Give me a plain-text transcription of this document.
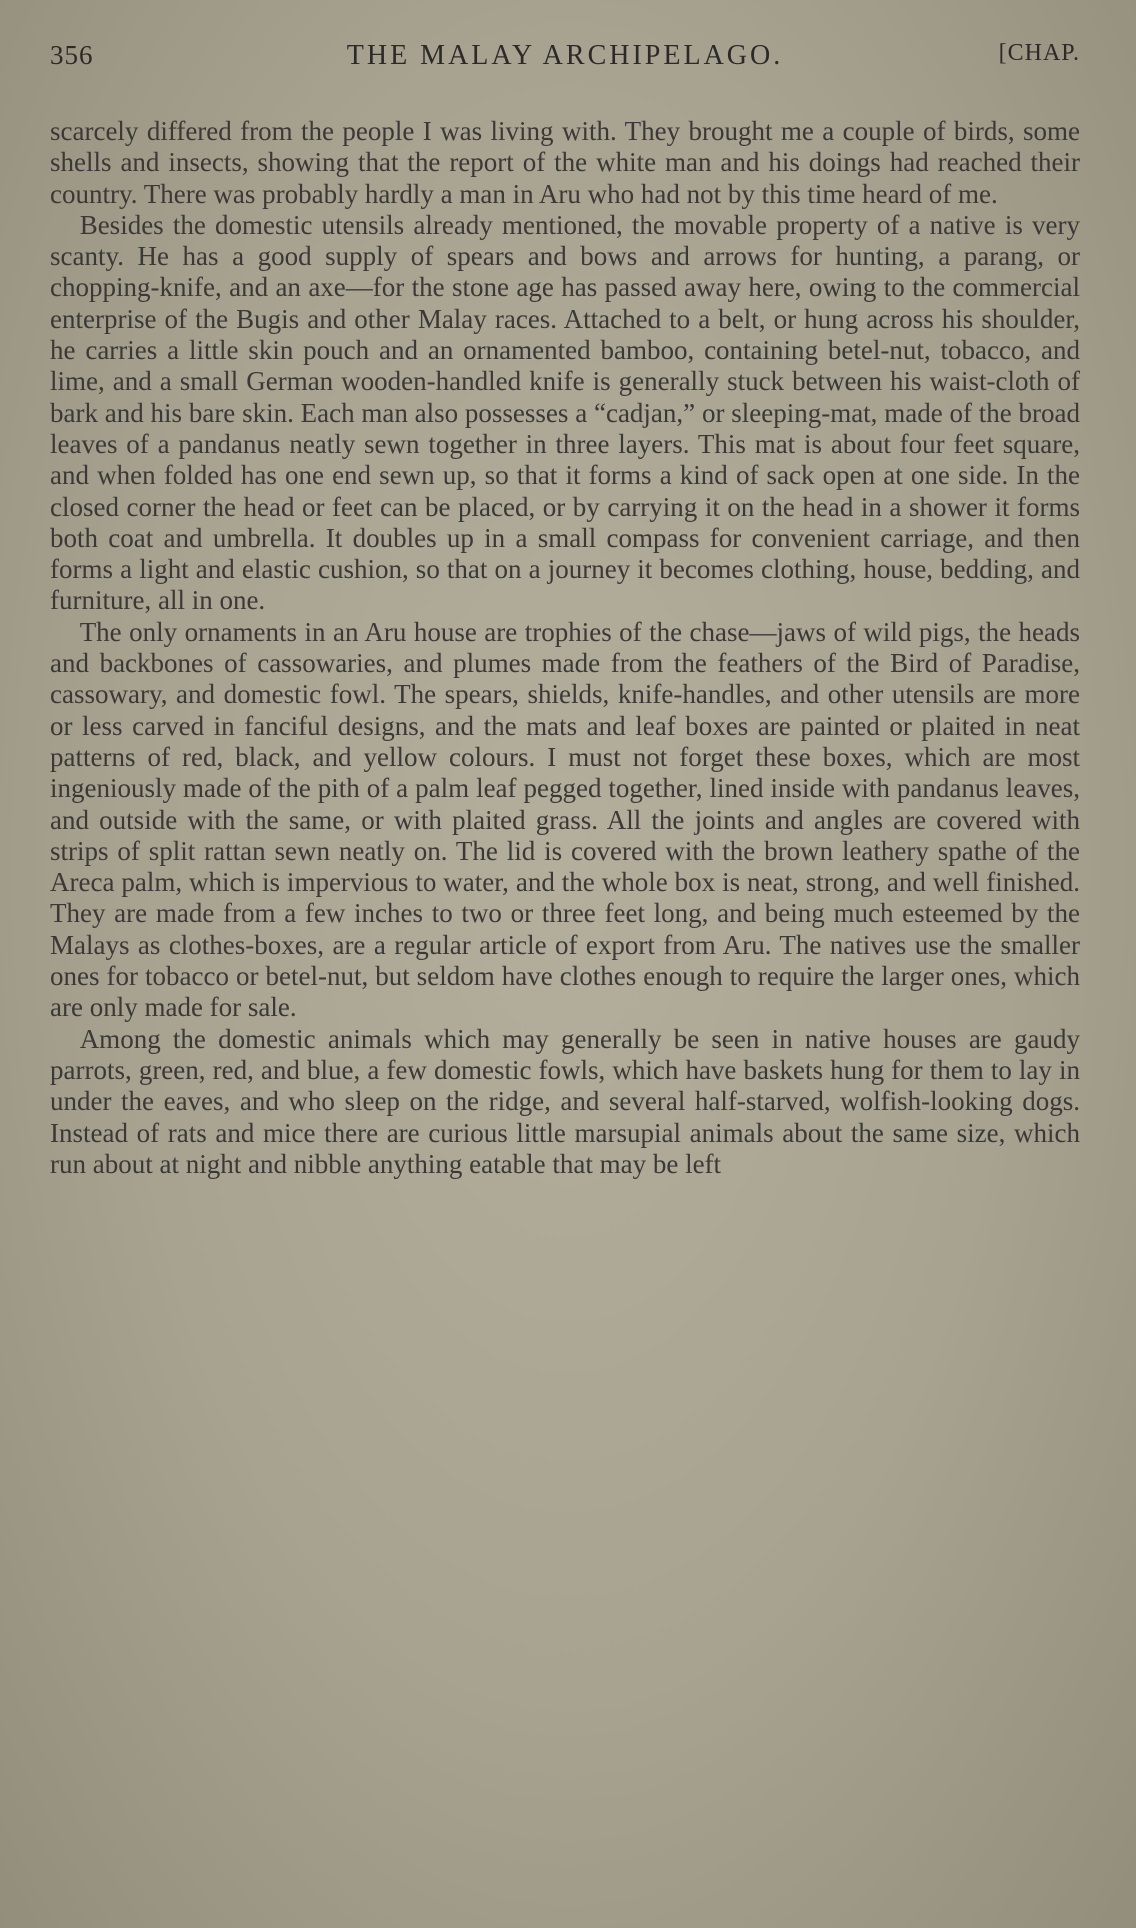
356	THE MALAY ARCHIPELAGO.	[CHAP.

scarcely differed from the people I was living with. They brought me a couple of birds, some shells and insects, showing that the report of the white man and his doings had reached their country. There was probably hardly a man in Aru who had not by this time heard of me.

Besides the domestic utensils already mentioned, the movable property of a native is very scanty. He has a good supply of spears and bows and arrows for hunting, a parang, or chopping-knife, and an axe—for the stone age has passed away here, owing to the commercial enterprise of the Bugis and other Malay races. Attached to a belt, or hung across his shoulder, he carries a little skin pouch and an ornamented bamboo, containing betel-nut, tobacco, and lime, and a small German wooden-handled knife is generally stuck between his waist-cloth of bark and his bare skin. Each man also possesses a “cadjan,” or sleeping-mat, made of the broad leaves of a pandanus neatly sewn together in three layers. This mat is about four feet square, and when folded has one end sewn up, so that it forms a kind of sack open at one side. In the closed corner the head or feet can be placed, or by carrying it on the head in a shower it forms both coat and umbrella. It doubles up in a small compass for convenient carriage, and then forms a light and elastic cushion, so that on a journey it becomes clothing, house, bedding, and furniture, all in one.

The only ornaments in an Aru house are trophies of the chase—jaws of wild pigs, the heads and backbones of cassowaries, and plumes made from the feathers of the Bird of Paradise, cassowary, and domestic fowl. The spears, shields, knife-handles, and other utensils are more or less carved in fanciful designs, and the mats and leaf boxes are painted or plaited in neat patterns of red, black, and yellow colours. I must not forget these boxes, which are most ingeniously made of the pith of a palm leaf pegged together, lined inside with pandanus leaves, and outside with the same, or with plaited grass. All the joints and angles are covered with strips of split rattan sewn neatly on. The lid is covered with the brown leathery spathe of the Areca palm, which is impervious to water, and the whole box is neat, strong, and well finished. They are made from a few inches to two or three feet long, and being much esteemed by the Malays as clothes-boxes, are a regular article of export from Aru. The natives use the smaller ones for tobacco or betel-nut, but seldom have clothes enough to require the larger ones, which are only made for sale.

Among the domestic animals which may generally be seen in native houses are gaudy parrots, green, red, and blue, a few domestic fowls, which have baskets hung for them to lay in under the eaves, and who sleep on the ridge, and several half-starved, wolfish-looking dogs. Instead of rats and mice there are curious little marsupial animals about the same size, which run about at night and nibble anything eatable that may be left
